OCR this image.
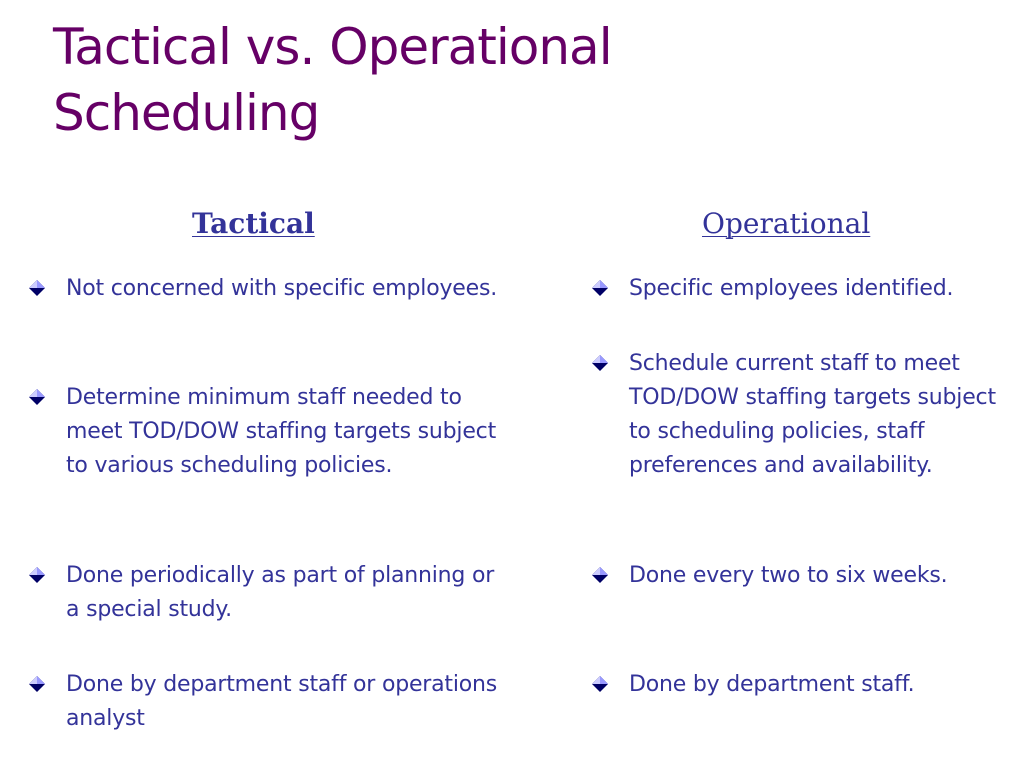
Tactical vs. Operational
Scheduling
Tactical	Operational
Not concerned with specific employees.
Determine minimum staff needed to meet TOD/DOW staffing targets subject to various scheduling policies.
Done periodically as part of planning or a special study.
Done by department staff or operations analyst
Specific employees identified.
Schedule current staff to meet TOD/DOW staffing targets subject to scheduling policies, staff preferences and availability.
Done every two to six weeks.
Done by department staff.
